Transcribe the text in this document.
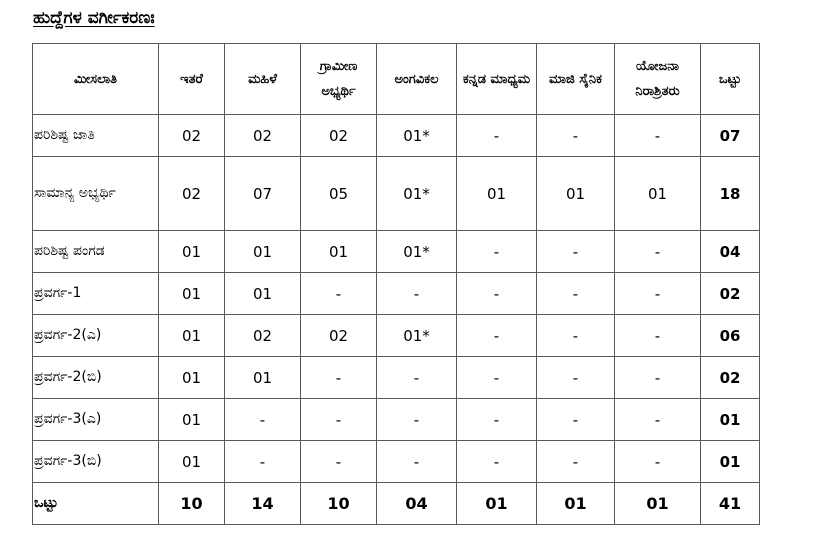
ಹುದ್ದೆಗಳ ವರ್ಗೀಕರಣಃ
ಮೀಸಲಾತಿ	ಇತರೆ	ಮಹಿಳೆ	ಗ್ರಾಮೀಣ ಅಭ್ಯರ್ಥಿ	ಅಂಗವಿಕಲ	ಕನ್ನಡ ಮಾಧ್ಯಮ	ಮಾಜಿ ಸೈನಿಕ	ಯೋಜನಾ ನಿರಾಶ್ರಿತರು	ಒಟ್ಟು
ಪರಿಶಿಷ್ಟ ಜಾತಿ	02	02	02	01*	-	-	-	07
ಸಾಮಾನ್ಯ ಅಭ್ಯರ್ಥಿ	02	07	05	01*	01	01	01	18
ಪರಿಶಿಷ್ಟ ಪಂಗಡ	01	01	01	01*	-	-	-	04
ಪ್ರವರ್ಗ-1	01	01	-	-	-	-	-	02
ಪ್ರವರ್ಗ-2(ಎ)	01	02	02	01*	-	-	-	06
ಪ್ರವರ್ಗ-2(ಬಿ)	01	01	-	-	-	-	-	02
ಪ್ರವರ್ಗ-3(ಎ)	01	-	-	-	-	-	-	01
ಪ್ರವರ್ಗ-3(ಬಿ)	01	-	-	-	-	-	-	01
ಒಟ್ಟು	10	14	10	04	01	01	01	41
